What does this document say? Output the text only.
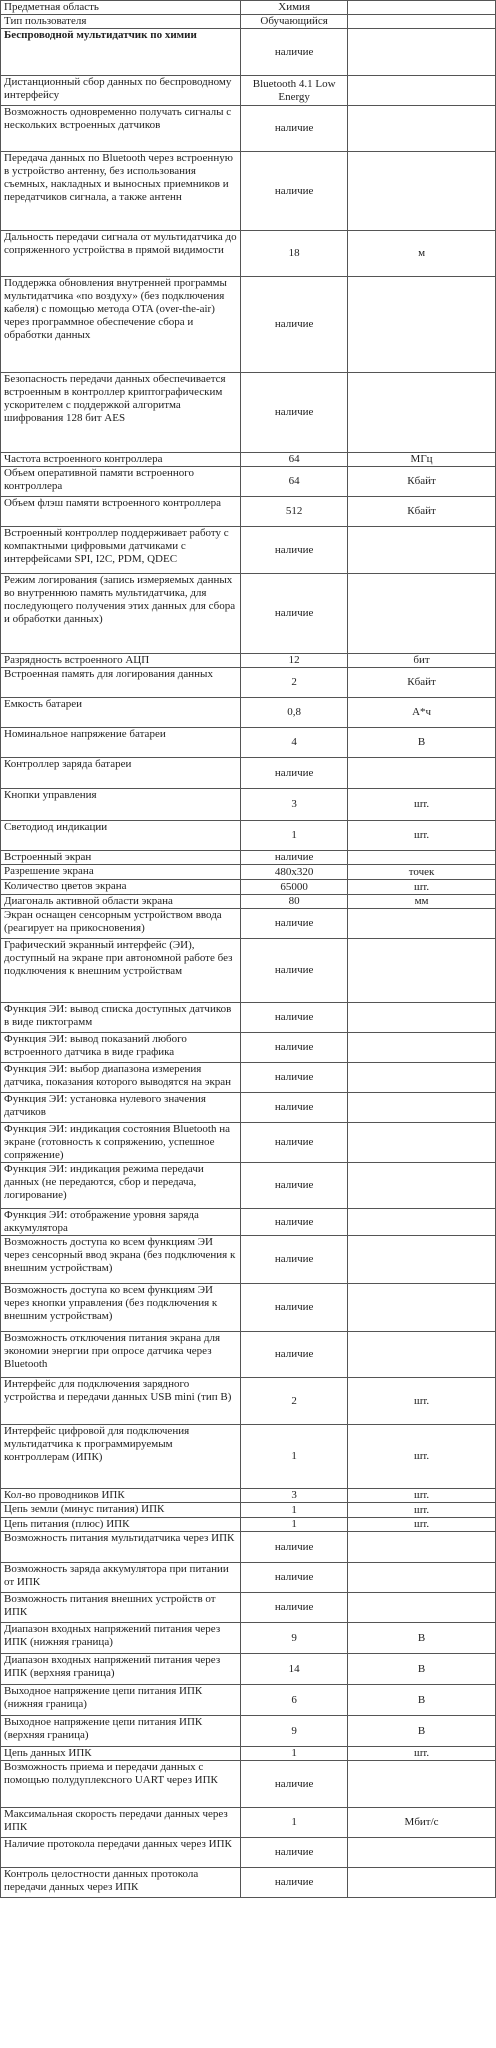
Предметная область	Химия	
Тип пользователя	Обучающийся	
Беспроводной мультидатчик по химии	наличие	
Дистанционный сбор данных по беспроводному интерфейсу	Bluetooth 4.1 Low Energy	
Возможность одновременно получать сигналы с нескольких встроенных датчиков	наличие	
Передача данных по Bluetooth через встроенную в устройство антенну, без использования съемных, накладных и выносных приемников и передатчиков сигнала, а также антенн	наличие	
Дальность передачи сигнала от мультидатчика до сопряженного устройства в прямой видимости	18	м
Поддержка обновления внутренней программы мультидатчика «по воздуху» (без подключения кабеля) с помощью метода OTA (over-the-air) через программное обеспечение сбора и обработки данных	наличие	
Безопасность передачи данных обеспечивается встроенным в контроллер криптографическим ускорителем с поддержкой алгоритма шифрования 128 бит AES	наличие	
Частота встроенного контроллера	64	МГц
Объем оперативной памяти встроенного контроллера	64	Кбайт
Объем флэш памяти встроенного контроллера	512	Кбайт
Встроенный контроллер поддерживает работу с компактными цифровыми датчиками с интерфейсами SPI, I2C, PDM, QDEC	наличие	
Режим логирования (запись измеряемых данных во внутреннюю память мультидатчика, для последующего получения этих данных для сбора и обработки данных)	наличие	
Разрядность встроенного АЦП	12	бит
Встроенная память для логирования данных	2	Кбайт
Емкость батареи	0,8	А*ч
Номинальное напряжение батареи	4	В
Контроллер заряда батареи	наличие	
Кнопки управления	3	шт.
Светодиод индикации	1	шт.
Встроенный экран	наличие	
Разрешение экрана	480x320	точек
Количество цветов экрана	65000	шт.
Диагональ активной области экрана	80	мм
Экран оснащен сенсорным устройством ввода (реагирует на прикосновения)	наличие	
Графический экранный интерфейс (ЭИ), доступный на экране при автономной работе без подключения к внешним устройствам	наличие	
Функция ЭИ: вывод списка доступных датчиков в виде пиктограмм	наличие	
Функция ЭИ: вывод показаний любого встроенного датчика в виде графика	наличие	
Функция ЭИ: выбор диапазона измерения датчика, показания которого выводятся на экран	наличие	
Функция ЭИ: установка нулевого значения датчиков	наличие	
Функция ЭИ: индикация состояния Bluetooth на экране (готовность к сопряжению, успешное сопряжение)	наличие	
Функция ЭИ: индикация режима передачи данных (не передаются, сбор и передача, логирование)	наличие	
Функция ЭИ: отображение уровня заряда аккумулятора	наличие	
Возможность доступа ко всем функциям ЭИ через сенсорный ввод экрана (без подключения к внешним устройствам)	наличие	
Возможность доступа ко всем функциям ЭИ через кнопки управления (без подключения к внешним устройствам)	наличие	
Возможность отключения питания экрана для экономии энергии при опросе датчика через Bluetooth	наличие	
Интерфейс для подключения зарядного устройства и передачи данных USB mini (тип B)	2	шт.
Интерфейс цифровой для подключения мультидатчика к программируемым контроллерам (ИПК)	1	шт.
Кол-во проводников ИПК	3	шт.
Цепь земли (минус питания) ИПК	1	шт.
Цепь питания (плюс) ИПК	1	шт.
Возможность питания мультидатчика через ИПК	наличие	
Возможность заряда аккумулятора при питании от ИПК	наличие	
Возможность питания внешних устройств от ИПК	наличие	
Диапазон входных напряжений питания через ИПК (нижняя граница)	9	В
Диапазон входных напряжений питания через ИПК (верхняя граница)	14	В
Выходное напряжение цепи питания ИПК (нижняя граница)	6	В
Выходное напряжение цепи питания ИПК (верхняя граница)	9	В
Цепь данных ИПК	1	шт.
Возможность приема и передачи данных с помощью полудуплексного UART через ИПК	наличие	
Максимальная скорость передачи данных через ИПК	1	Мбит/с
Наличие протокола передачи данных через ИПК	наличие	
Контроль целостности данных протокола передачи данных через ИПК	наличие	
